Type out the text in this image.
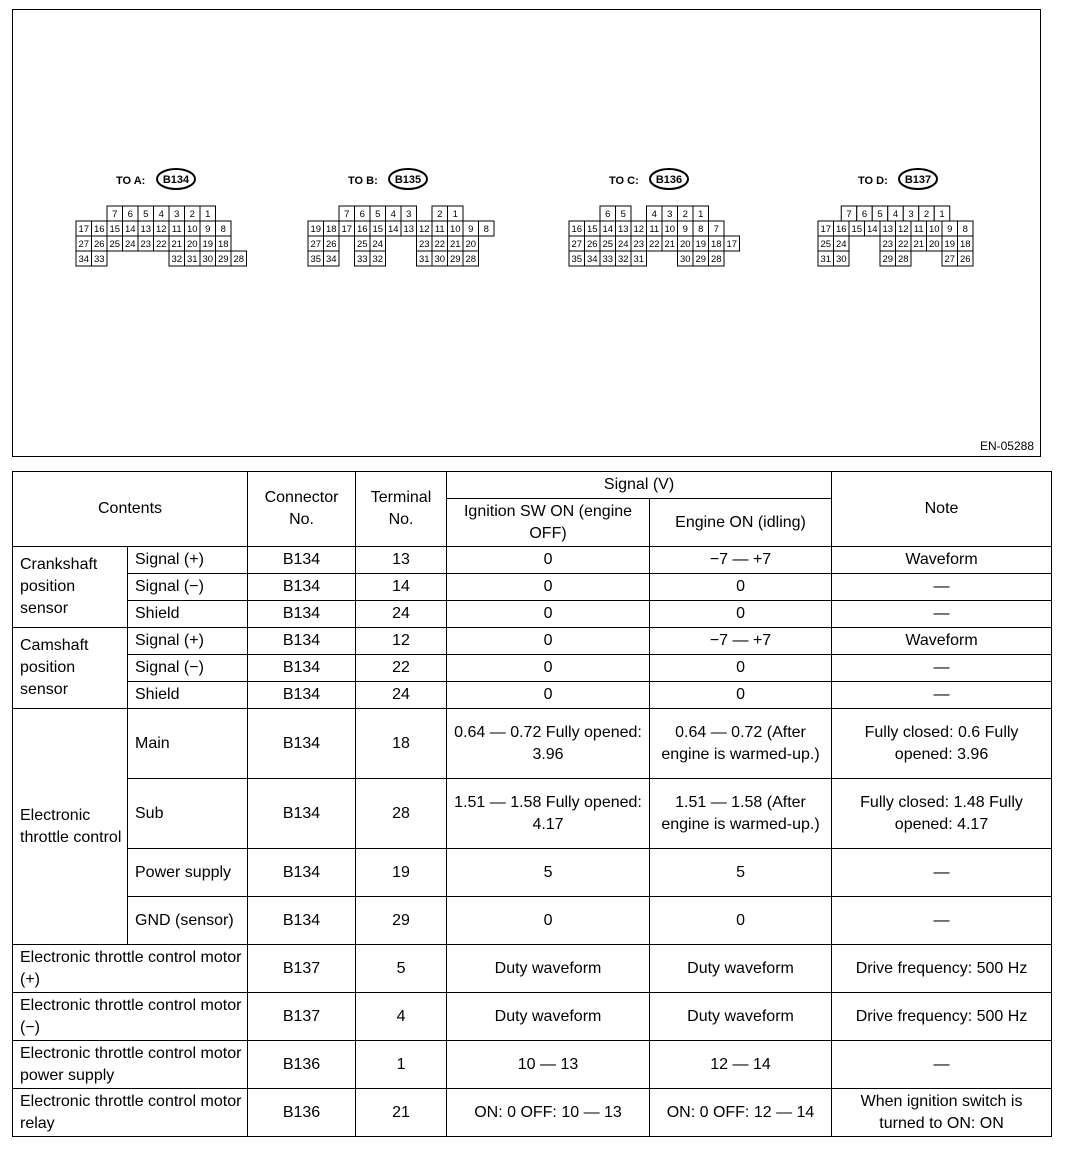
TO A: B134
7 6 5 4 3 2 1
17 16 15 14 13 12 11 10 9 8
27 26 25 24 23 22 21 20 19 18
34 33	32 31 30 29 28
TO B: B135
7 6 5 4 3	2 1
19 18 17 16 15 14 13 12 11 10 9 8
27 26 25 24	23 22 21 20
35 34 33 32	31 30 29 28
TO C: B136
6 5	4 3 2 1
16 15 14 13 12 11 10 9 8 7
27 26 25 24 23 22 21 20 19 18 17
35 34 33 32 31	30 29 28
TO D: B137
7 6 5 4 3 2 1
17 16 15 14 13 12 11 10 9 8
25 24	23 22 21 20 19 18
31 30	29 28	27 26
EN-05288
Contents		Connector No.	Terminal No.	Signal (V)		Note
				Ignition SW ON (engine OFF)	Engine ON (idling)	
Crankshaft position sensor	Signal (+)	B134	13	0	−7 — +7	Waveform
	Signal (−)	B134	14	0	0	—
	Shield	B134	24	0	0	—
Camshaft position sensor	Signal (+)	B134	12	0	−7 — +7	Waveform
	Signal (−)	B134	22	0	0	—
	Shield	B134	24	0	0	—
Electronic throttle control	Main	B134	18	0.64 — 0.72 Fully opened: 3.96	0.64 — 0.72 (After engine is warmed-up.)	Fully closed: 0.6 Fully opened: 3.96
	Sub	B134	28	1.51 — 1.58 Fully opened: 4.17	1.51 — 1.58 (After engine is warmed-up.)	Fully closed: 1.48 Fully opened: 4.17
	Power supply	B134	19	5	5	—
	GND (sensor)	B134	29	0	0	—
Electronic throttle control motor (+)		B137	5	Duty waveform	Duty waveform	Drive frequency: 500 Hz
Electronic throttle control motor (−)		B137	4	Duty waveform	Duty waveform	Drive frequency: 500 Hz
Electronic throttle control motor power supply		B136	1	10 — 13	12 — 14	—
Electronic throttle control motor relay		B136	21	ON: 0 OFF: 10 — 13	ON: 0 OFF: 12 — 14	When ignition switch is turned to ON: ON
